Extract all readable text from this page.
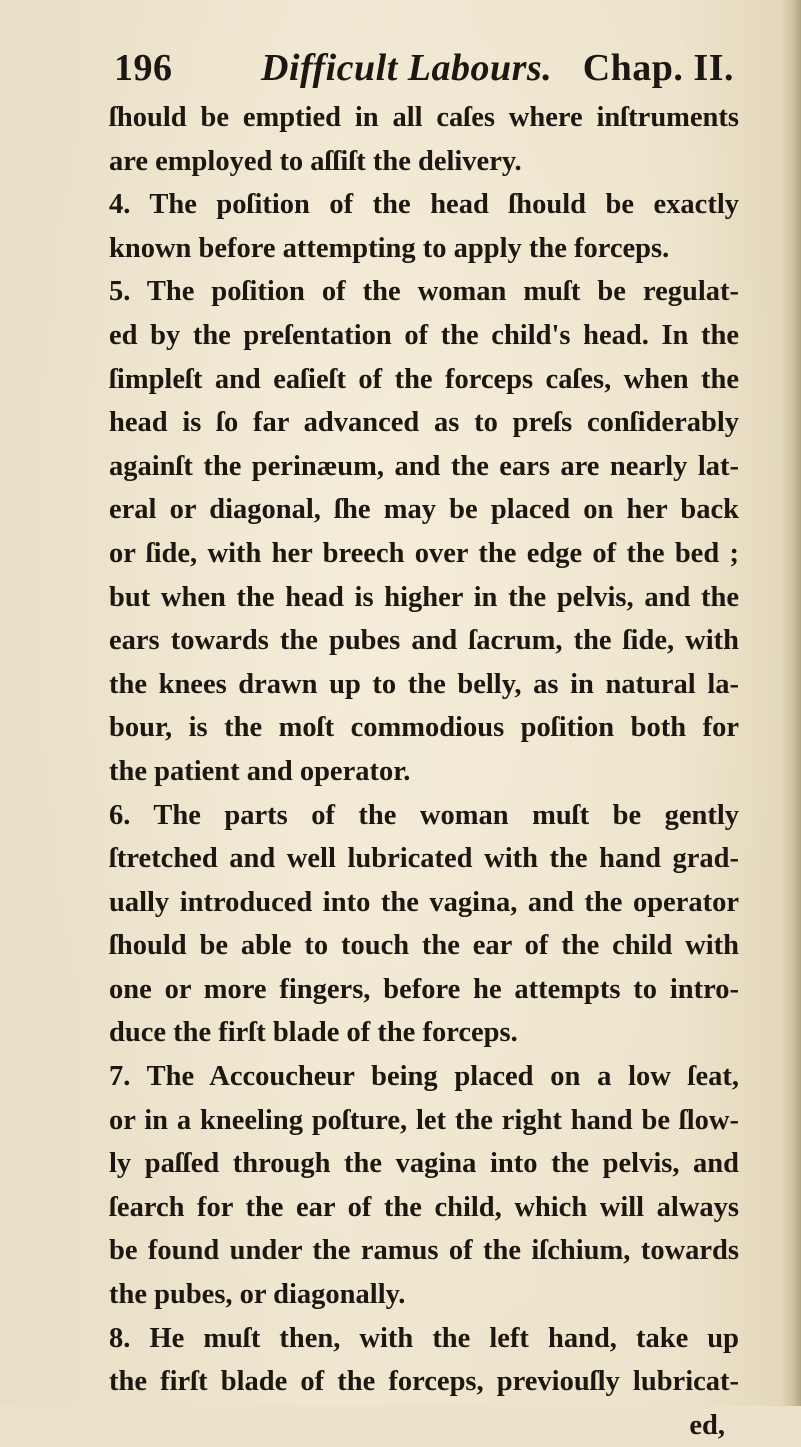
196 Difficult Labours. Chap. II.
ſhould be emptied in all caſes where inſtruments
are employed to aſſiſt the delivery.
4. The poſition of the head ſhould be exactly
known before attempting to apply the forceps.
5. The poſition of the woman muſt be regulat-
ed by the preſentation of the child's head. In the
ſimpleſt and eaſieſt of the forceps caſes, when the
head is ſo far advanced as to preſs conſiderably
againſt the perinæum, and the ears are nearly lat-
eral or diagonal, ſhe may be placed on her back
or ſide, with her breech over the edge of the bed ;
but when the head is higher in the pelvis, and the
ears towards the pubes and ſacrum, the ſide, with
the knees drawn up to the belly, as in natural la-
bour, is the moſt commodious poſition both for
the patient and operator.
6. The parts of the woman muſt be gently
ſtretched and well lubricated with the hand grad-
ually introduced into the vagina, and the operator
ſhould be able to touch the ear of the child with
one or more fingers, before he attempts to intro-
duce the firſt blade of the forceps.
7. The Accoucheur being placed on a low ſeat,
or in a kneeling poſture, let the right hand be ſlow-
ly paſſed through the vagina into the pelvis, and
ſearch for the ear of the child, which will always
be found under the ramus of the iſchium, towards
the pubes, or diagonally.
8. He muſt then, with the left hand, take up
the firſt blade of the forceps, previouſly lubricat-
ed,
